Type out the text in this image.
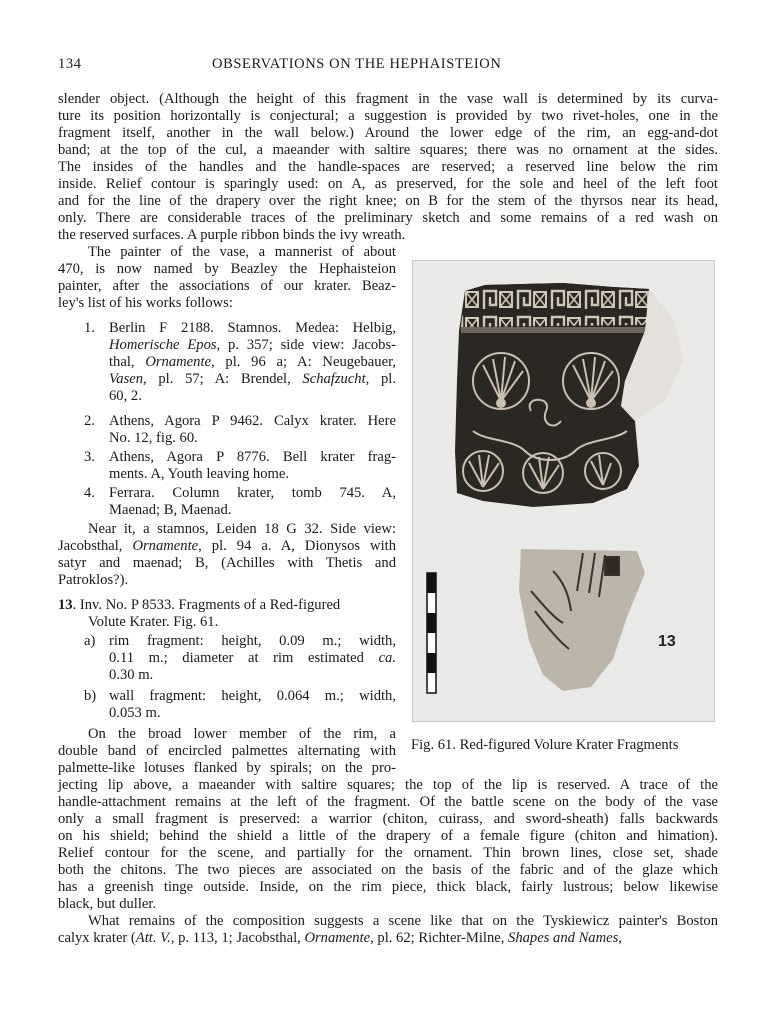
134	OBSERVATIONS ON THE HEPHAISTEION
slender object. (Although the height of this fragment in the vase wall is determined by its curva-
ture its position horizontally is conjectural; a suggestion is provided by two rivet-holes, one in the
fragment itself, another in the wall below.) Around the lower edge of the rim, an egg-and-dot
band; at the top of the cul, a maeander with saltire squares; there was no ornament at the sides.
The insides of the handles and the handle-spaces are reserved; a reserved line below the rim
inside. Relief contour is sparingly used: on A, as preserved, for the sole and heel of the left foot
and for the line of the drapery over the right knee; on B for the stem of the thyrsos near its head,
only. There are considerable traces of the preliminary sketch and some remains of a red wash on
the reserved surfaces. A purple ribbon binds the ivy wreath.
The painter of the vase, a mannerist of about
470, is now named by Beazley the Hephaisteion
painter, after the associations of our krater. Beaz-
ley's list of his works follows:
1. Berlin F 2188. Stamnos. Medea: Helbig,
Homerische Epos, p. 357; side view: Jacobs-
thal, Ornamente, pl. 96 a; A: Neugebauer,
Vasen, pl. 57; A: Brendel, Schafzucht, pl.
60, 2.
2. Athens, Agora P 9462. Calyx krater. Here
No. 12, fig. 60.
3. Athens, Agora P 8776. Bell krater frag-
ments. A, Youth leaving home.
4. Ferrara. Column krater, tomb 745. A,
Maenad; B, Maenad.
Near it, a stamnos, Leiden 18 G 32. Side view:
Jacobsthal, Ornamente, pl. 94 a. A, Dionysos with
satyr and maenad; B, (Achilles with Thetis and
Patroklos?).
13. Inv. No. P 8533. Fragments of a Red-figured
Volute Krater. Fig. 61.
a) rim fragment: height, 0.09 m.; width,
0.11 m.; diameter at rim estimated ca.
0.30 m.
b) wall fragment: height, 0.064 m.; width,
0.053 m.
On the broad lower member of the rim, a
double band of encircled palmettes alternating with
palmette-like lotuses flanked by spirals; on the pro-
jecting lip above, a maeander with saltire squares; the top of the lip is reserved. A trace of the
handle-attachment remains at the left of the fragment. Of the battle scene on the body of the vase
only a small fragment is preserved: a warrior (chiton, cuirass, and sword-sheath) falls backwards
on his shield; behind the shield a little of the drapery of a female figure (chiton and himation).
Relief contour for the scene, and partially for the ornament. Thin brown lines, close set, shade
both the chitons. The two pieces are associated on the basis of the fabric and of the glaze which
has a greenish tinge outside. Inside, on the rim piece, thick black, fairly lustrous; below likewise
black, but duller.
What remains of the composition suggests a scene like that on the Tyskiewicz painter's Boston
calyx krater (Att. V., p. 113, 1; Jacobsthal, Ornamente, pl. 62; Richter-Milne, Shapes and Names,
13
Fig. 61. Red-figured Volure Krater Fragments
